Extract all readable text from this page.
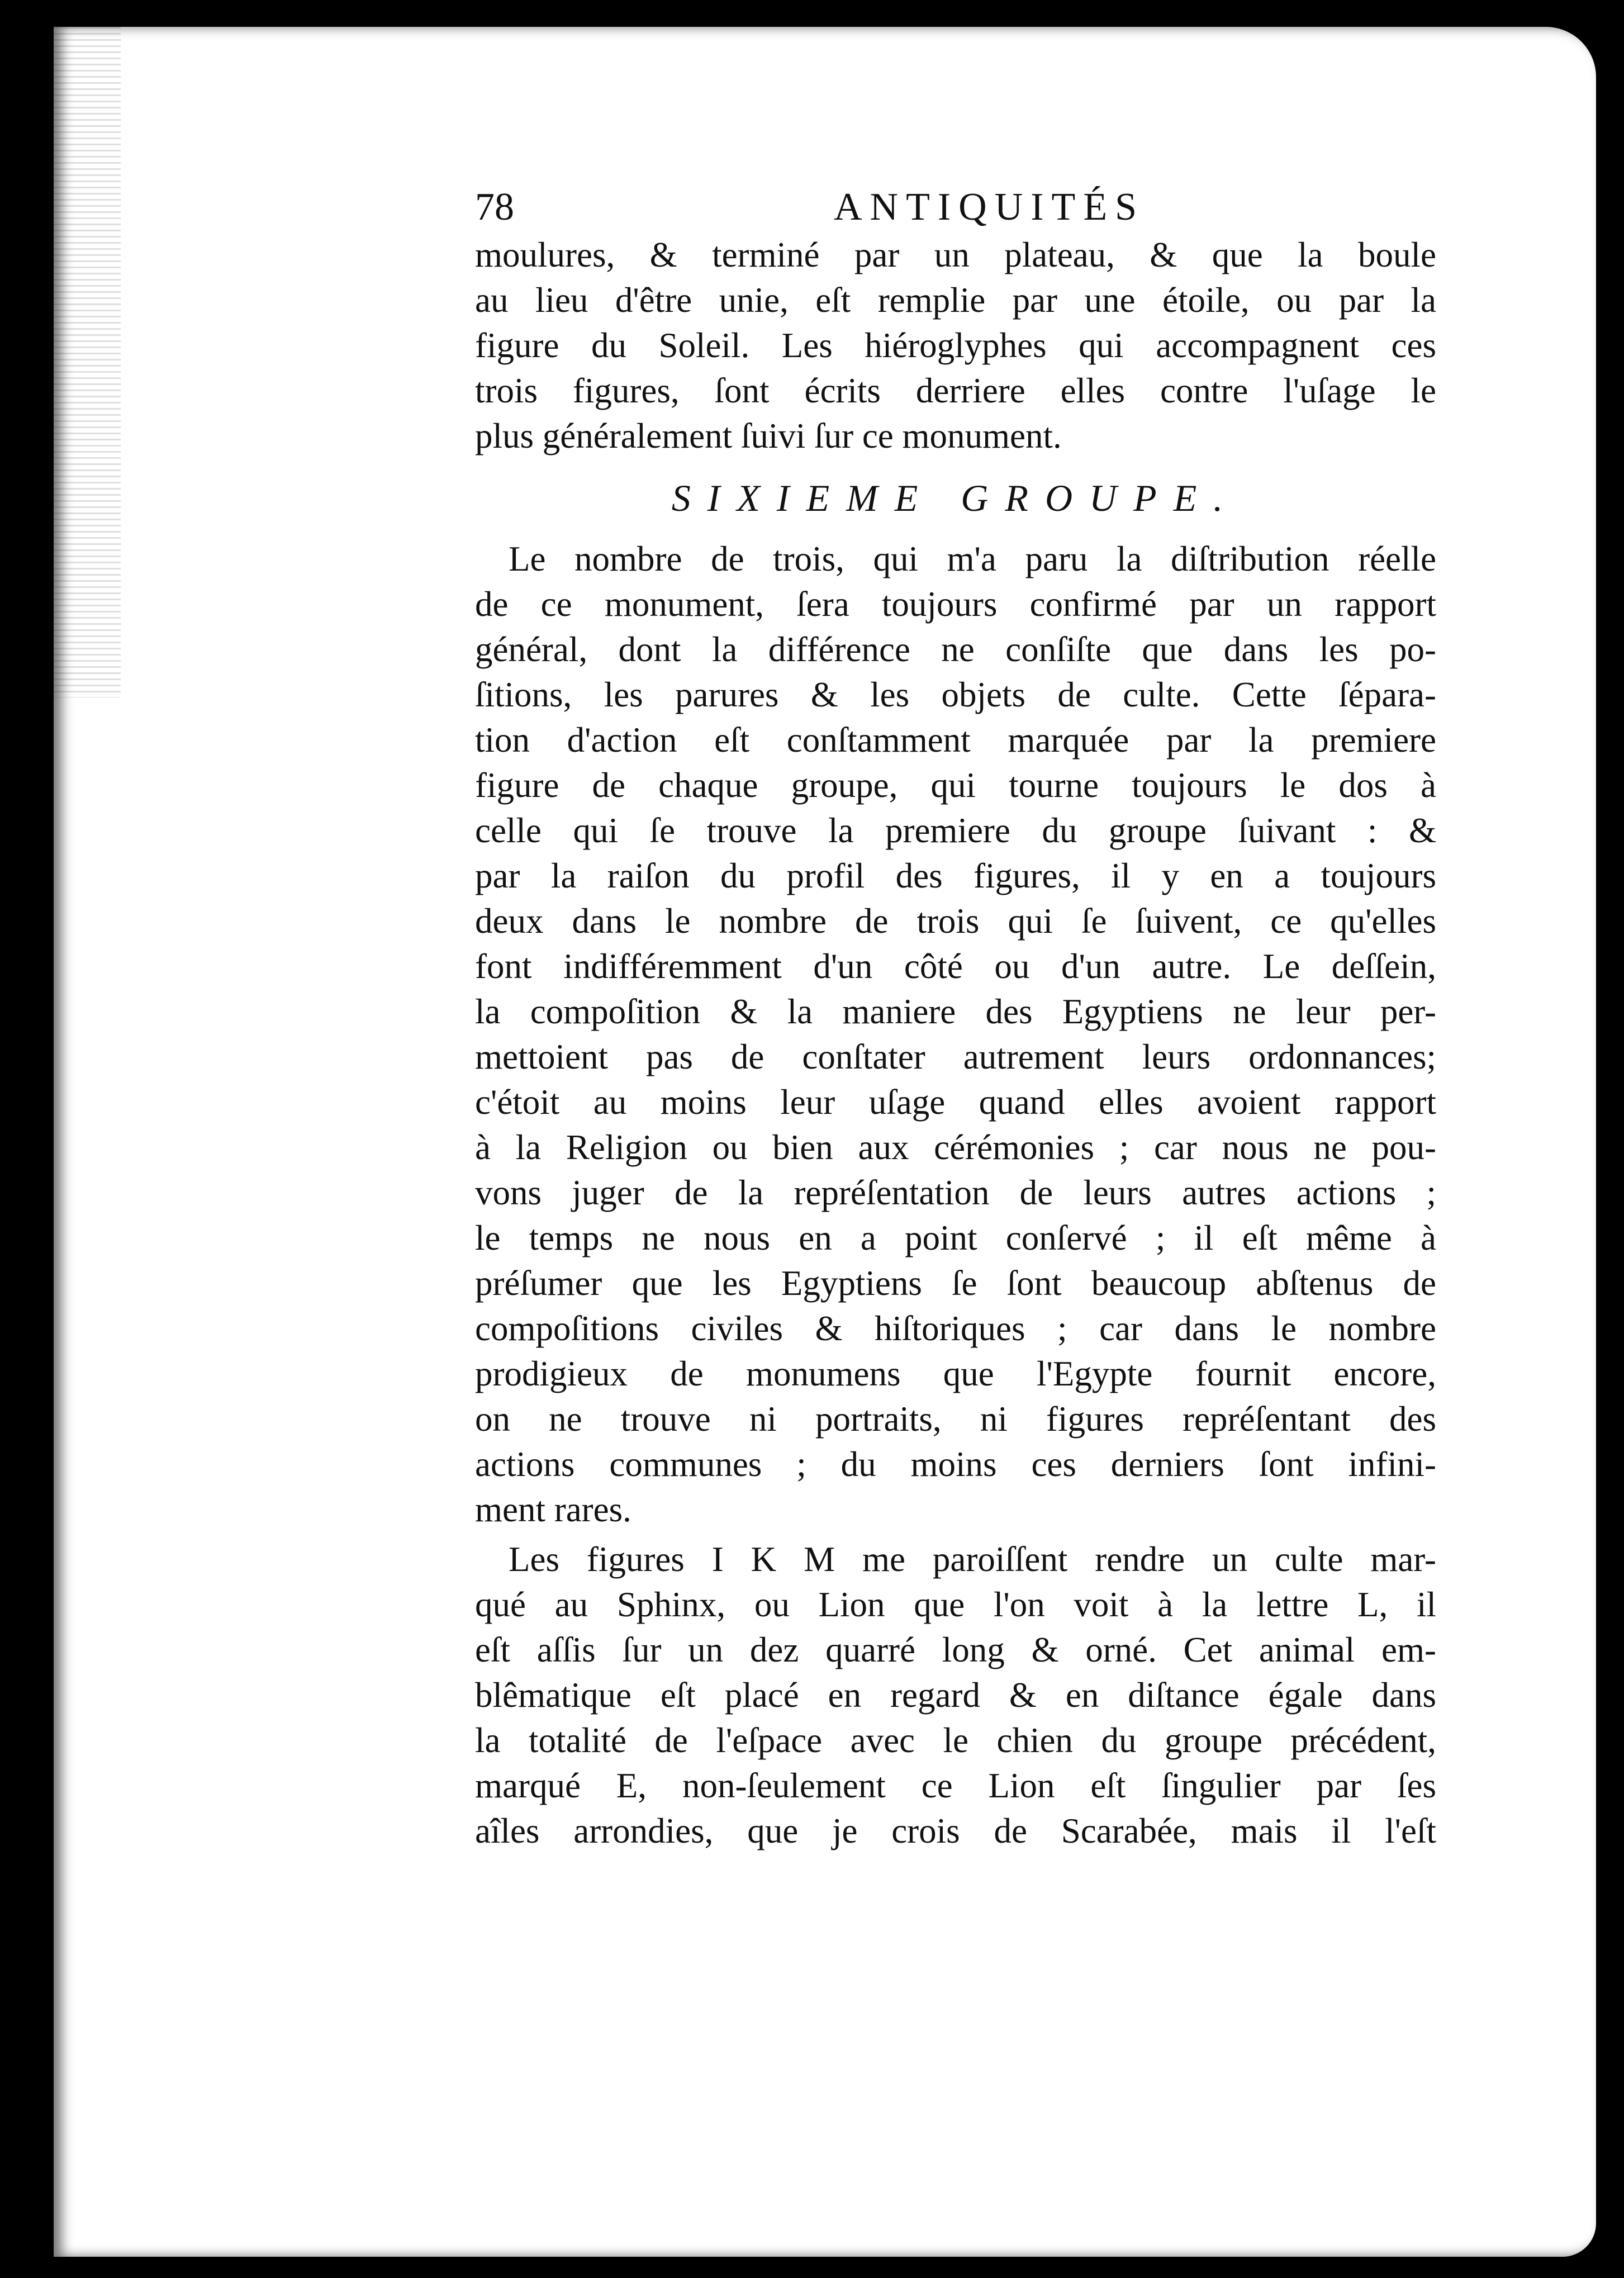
78	ANTIQUITÉS
moulures, & terminé par un plateau, & que la boule
au lieu d'être unie, eſt remplie par une étoile, ou par la
figure du Soleil. Les hiéroglyphes qui accompagnent ces
trois figures, ſont écrits derriere elles contre l'uſage le
plus généralement ſuivi ſur ce monument.
SIXIEME GROUPE.
Le nombre de trois, qui m'a paru la diſtribution réelle
de ce monument, ſera toujours confirmé par un rapport
général, dont la différence ne conſiſte que dans les po-
ſitions, les parures & les objets de culte. Cette ſépara-
tion d'action eſt conſtamment marquée par la premiere
figure de chaque groupe, qui tourne toujours le dos à
celle qui ſe trouve la premiere du groupe ſuivant : &
par la raiſon du profil des figures, il y en a toujours
deux dans le nombre de trois qui ſe ſuivent, ce qu'elles
font indifféremment d'un côté ou d'un autre. Le deſſein,
la compoſition & la maniere des Egyptiens ne leur per-
mettoient pas de conſtater autrement leurs ordonnances;
c'étoit au moins leur uſage quand elles avoient rapport
à la Religion ou bien aux cérémonies ; car nous ne pou-
vons juger de la repréſentation de leurs autres actions ;
le temps ne nous en a point conſervé ; il eſt même à
préſumer que les Egyptiens ſe ſont beaucoup abſtenus de
compoſitions civiles & hiſtoriques ; car dans le nombre
prodigieux de monumens que l'Egypte fournit encore,
on ne trouve ni portraits, ni figures repréſentant des
actions communes ; du moins ces derniers ſont infini-
ment rares.
Les figures I K M me paroiſſent rendre un culte mar-
qué au Sphinx, ou Lion que l'on voit à la lettre L, il
eſt aſſis ſur un dez quarré long & orné. Cet animal em-
blêmatique eſt placé en regard & en diſtance égale dans
la totalité de l'eſpace avec le chien du groupe précédent,
marqué E, non-ſeulement ce Lion eſt ſingulier par ſes
aîles arrondies, que je crois de Scarabée, mais il l'eſt
